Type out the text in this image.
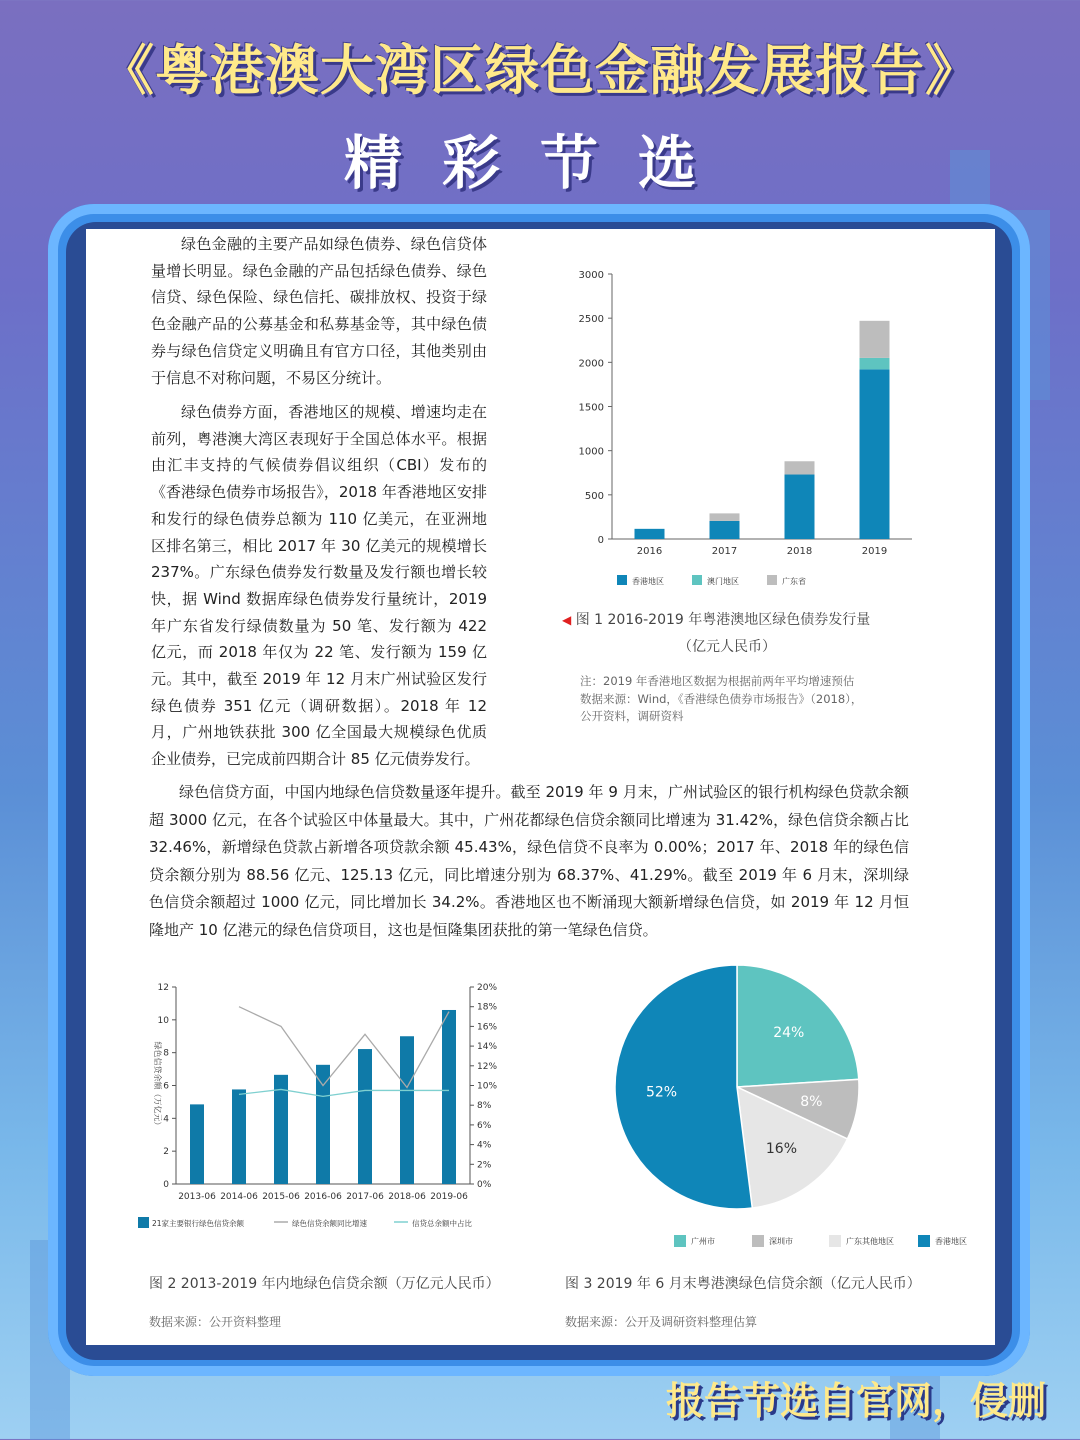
《粤港澳大湾区绿色金融发展报告》
精彩节选

绿色金融的主要产品如绿色债券、绿色信贷体量增长明显。绿色金融的产品包括绿色债券、绿色信贷、绿色保险、绿色信托、碳排放权、投资于绿色金融产品的公募基金和私募基金等，其中绿色债券与绿色信贷定义明确且有官方口径，其他类别由于信息不对称问题，不易区分统计。

绿色债券方面，香港地区的规模、增速均走在前列，粤港澳大湾区表现好于全国总体水平。根据由汇丰支持的气候债券倡议组织（CBI）发布的《香港绿色债券市场报告》，2018 年香港地区安排和发行的绿色债券总额为 110 亿美元，在亚洲地区排名第三，相比 2017 年 30 亿美元的规模增长 237%。广东绿色债券发行数量及发行额也增长较快，据 Wind 数据库绿色债券发行量统计，2019 年广东省发行绿债数量为 50 笔、发行额为 422 亿元，而 2018 年仅为 22 笔、发行额为 159 亿元。其中，截至 2019 年 12 月末广州试验区发行绿色债券 351 亿元（调研数据）。2018 年 12 月，广州地铁获批 300 亿全国最大规模绿色优质企业债券，已完成前四期合计 85 亿元债券发行。

绿色信贷方面，中国内地绿色信贷数量逐年提升。截至 2019 年 9 月末，广州试验区的银行机构绿色贷款余额超 3000 亿元，在各个试验区中体量最大。其中，广州花都绿色信贷余额同比增速为 31.42%，绿色信贷余额占比 32.46%，新增绿色贷款占新增各项贷款余额 45.43%，绿色信贷不良率为 0.00%；2017 年、2018 年的绿色信贷余额分别为 88.56 亿元、125.13 亿元，同比增速分别为 68.37%、41.29%。截至 2019 年 6 月末，深圳绿色信贷余额超过 1000 亿元，同比增加长 34.2%。香港地区也不断涌现大额新增绿色信贷，如 2019 年 12 月恒隆地产 10 亿港元的绿色信贷项目，这也是恒隆集团获批的第一笔绿色信贷。

0
500
1000
1500
2000
2500
3000
2016	2017	2018	2019
香港地区	澳门地区	广东省
◀ 图 1 2016-2019 年粤港澳地区绿色债券发行量
（亿元人民币）
注：2019 年香港地区数据为根据前两年平均增速预估
数据来源：Wind，《香港绿色债券市场报告》（2018），
公开资料，调研资料
0
2
4
6
8
10
12
0%
2%
4%
6%
8%
10%
12%
14%
16%
18%
20%
绿色信贷余额（万亿元）
2013-06 2014-06 2015-06 2016-06 2017-06 2018-06 2019-06
21家主要银行绿色信贷余额	绿色信贷余额同比增速	信贷总余额中占比
图 2 2013-2019 年内地绿色信贷余额（万亿元人民币）
数据来源：公开资料整理
24%
8%
16%
52%
广州市	深圳市	广东其他地区	香港地区
图 3 2019 年 6 月末粤港澳绿色信贷余额（亿元人民币）
数据来源：公开及调研资料整理估算
报告节选自官网，侵删
